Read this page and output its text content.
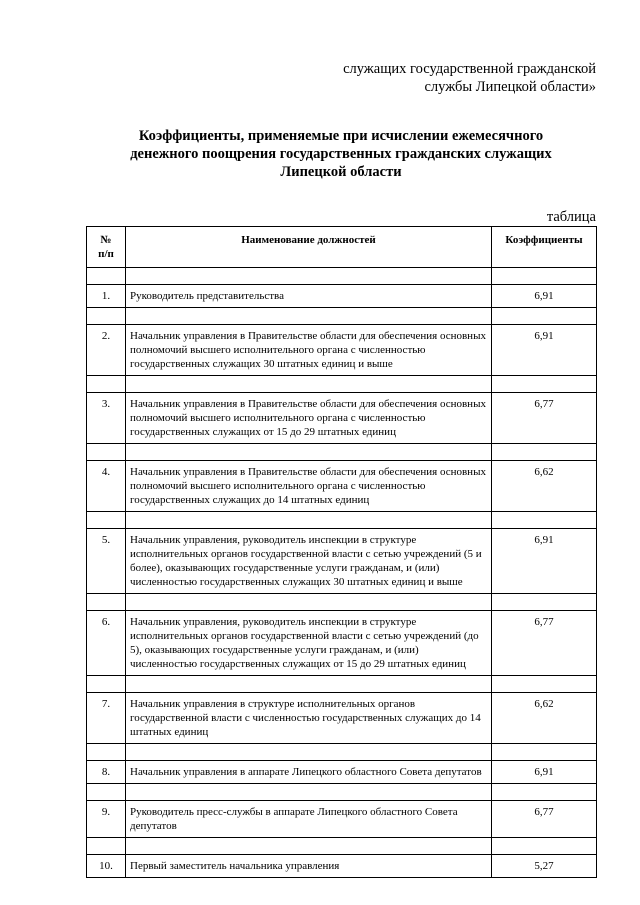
служащих государственной гражданской
службы Липецкой области»
Коэффициенты, применяемые при исчислении ежемесячного
денежного поощрения государственных гражданских служащих
Липецкой области
таблица
№
п/п	Наименование должностей	Коэффициенты

1.	Руководитель представительства	6,91

2.	Начальник управления в Правительстве области для обеспечения основных полномочий высшего исполнительного органа с численностью государственных служащих 30 штатных единиц и выше	6,91

3.	Начальник управления в Правительстве области для обеспечения основных полномочий высшего исполнительного органа с численностью государственных служащих от 15 до 29 штатных единиц	6,77

4.	Начальник управления в Правительстве области для обеспечения основных полномочий высшего исполнительного органа с численностью государственных служащих до 14 штатных единиц	6,62

5.	Начальник управления, руководитель инспекции в структуре исполнительных органов государственной власти с сетью учреждений (5 и более), оказывающих государственные услуги гражданам, и (или) численностью государственных служащих 30 штатных единиц и выше	6,91

6.	Начальник управления, руководитель инспекции в структуре исполнительных органов государственной власти с сетью учреждений (до 5), оказывающих государственные услуги гражданам, и (или) численностью государственных служащих от 15 до 29 штатных единиц	6,77

7.	Начальник управления в структуре исполнительных органов государственной власти с численностью государственных служащих до 14 штатных единиц	6,62

8.	Начальник управления в аппарате Липецкого областного Совета депутатов	6,91

9.	Руководитель пресс-службы в аппарате Липецкого областного Совета депутатов	6,77

10.	Первый заместитель начальника управления	5,27
